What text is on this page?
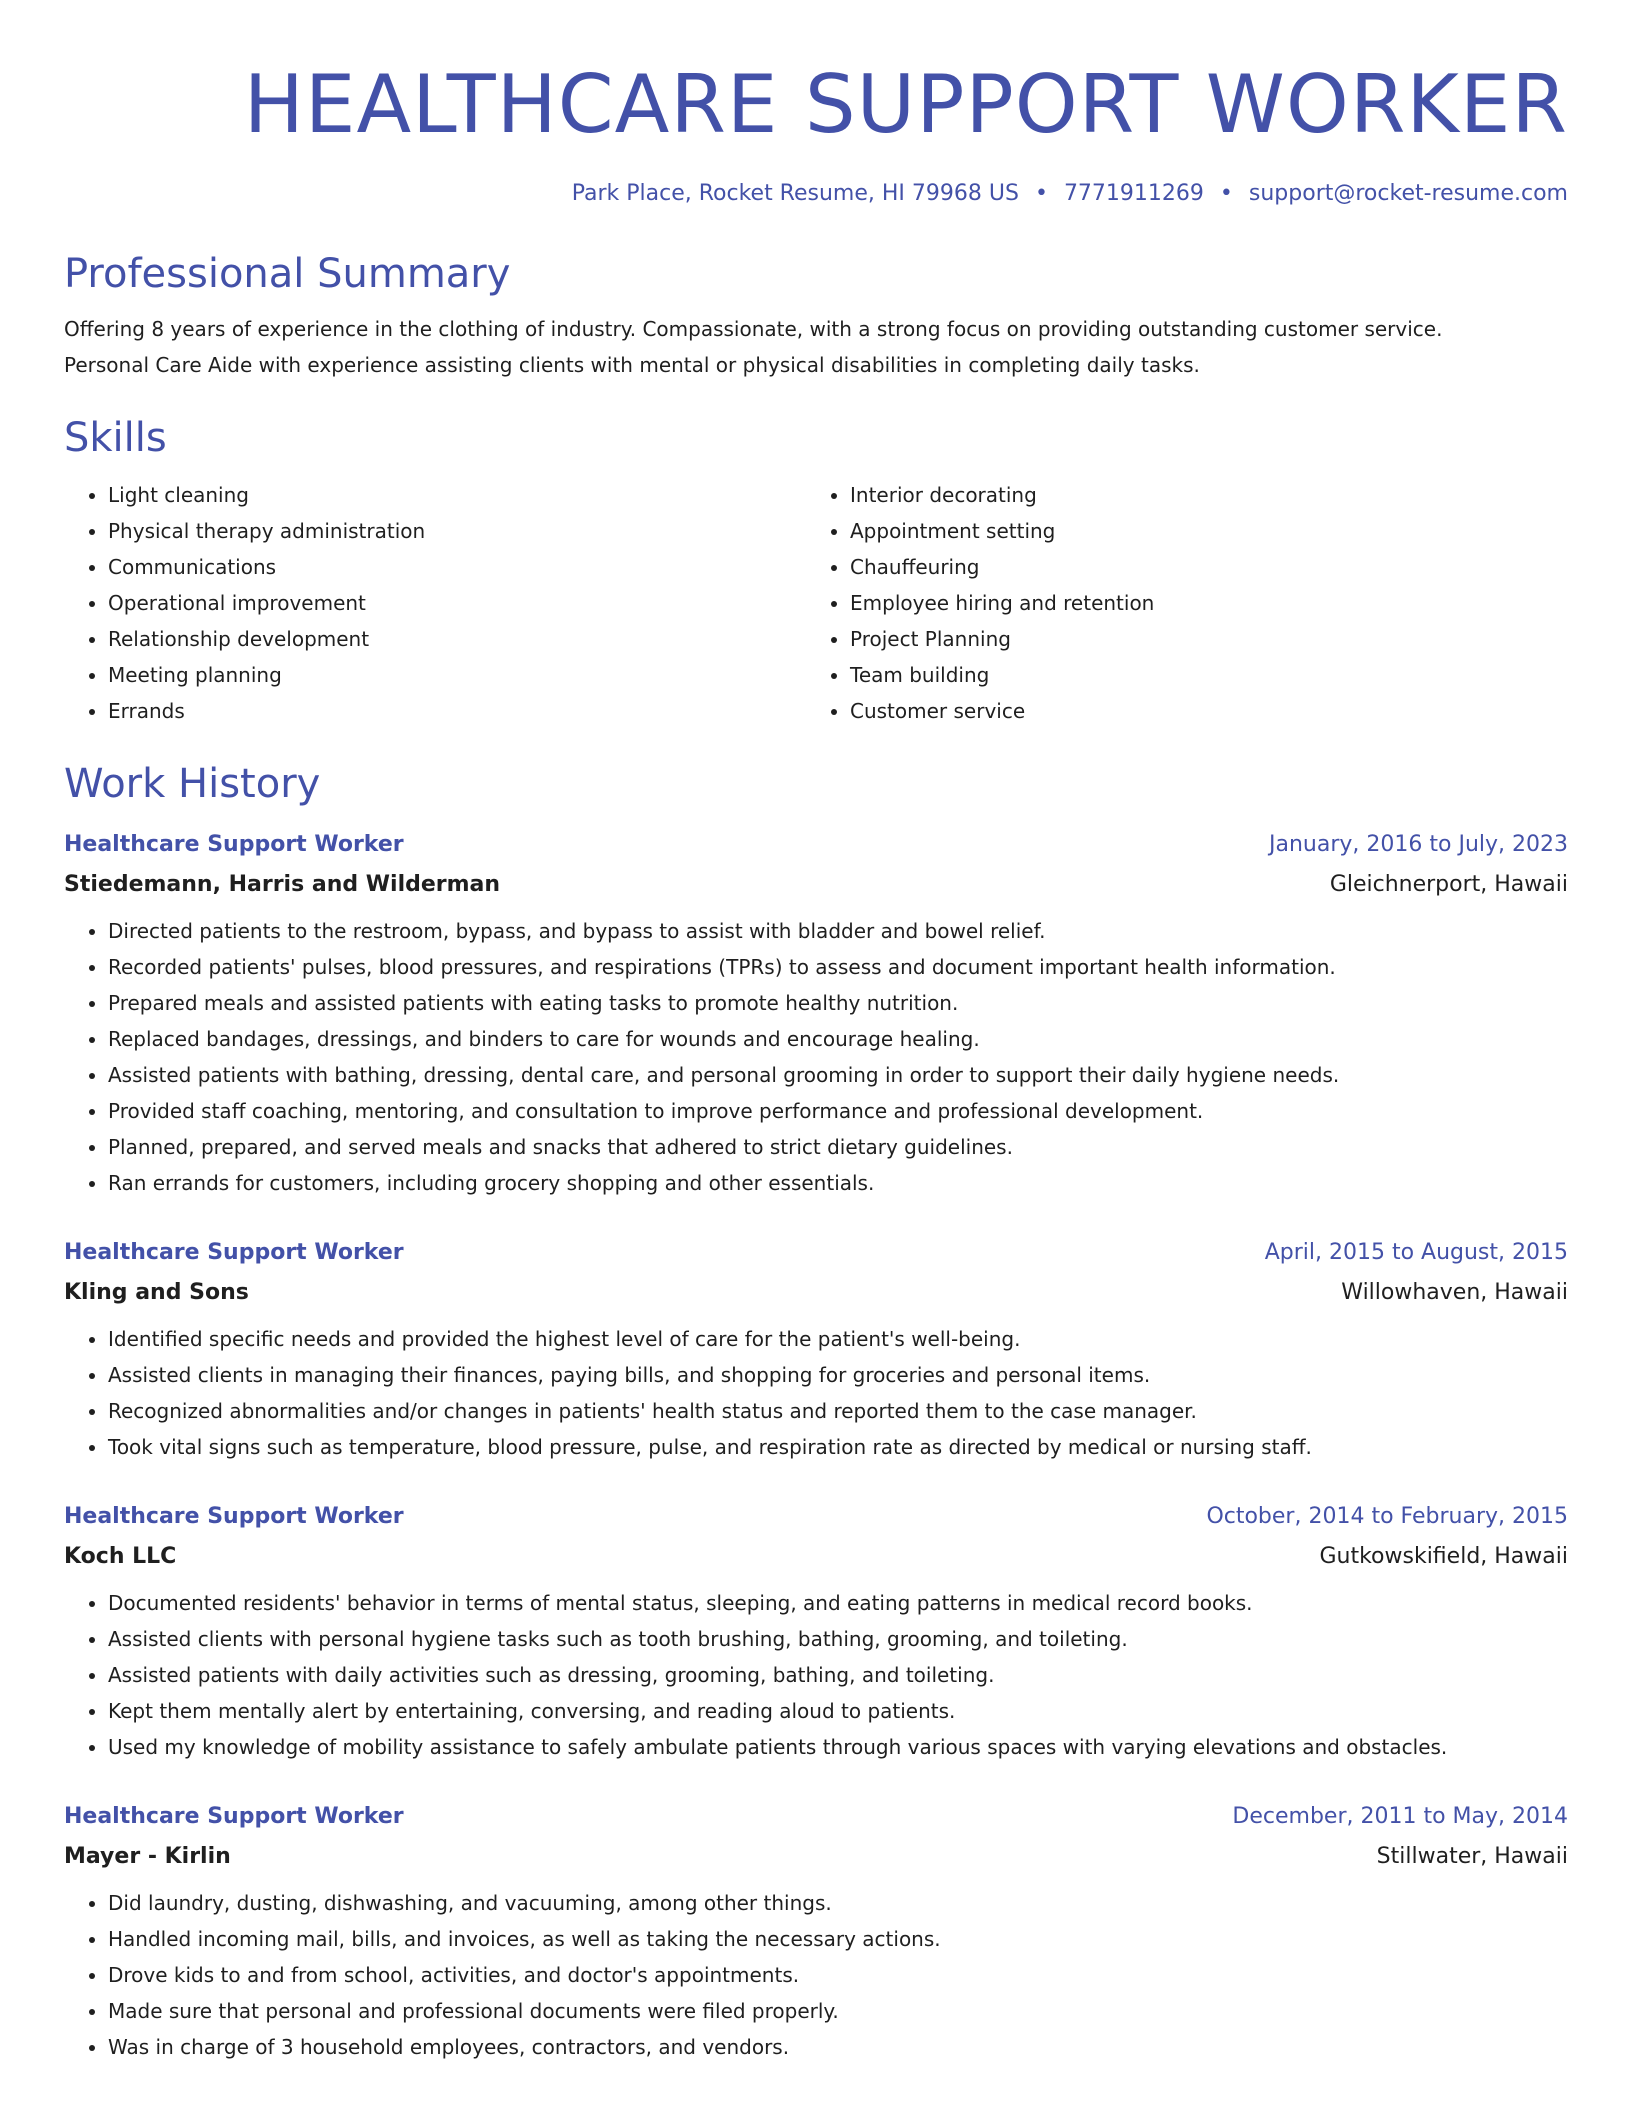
HEALTHCARE SUPPORT WORKER
Park Place, Rocket Resume, HI 79968 US • 7771911269 • support@rocket-resume.com
Professional Summary

Offering 8 years of experience in the clothing of industry. Compassionate, with a strong focus on providing outstanding customer service.

Personal Care Aide with experience assisting clients with mental or physical disabilities in completing daily tasks.

Skills
• Light cleaning
• Physical therapy administration
• Communications
• Operational improvement
• Relationship development
• Meeting planning
• Errands
• Interior decorating
• Appointment setting
• Chauffeuring
• Employee hiring and retention
• Project Planning
• Team building
• Customer service
Work History
Healthcare Support Worker	January, 2016 to July, 2023
Stiedemann, Harris and Wilderman	Gleichnerport, Hawaii
• Directed patients to the restroom, bypass, and bypass to assist with bladder and bowel relief.
• Recorded patients' pulses, blood pressures, and respirations (TPRs) to assess and document important health information.
• Prepared meals and assisted patients with eating tasks to promote healthy nutrition.
• Replaced bandages, dressings, and binders to care for wounds and encourage healing.
• Assisted patients with bathing, dressing, dental care, and personal grooming in order to support their daily hygiene needs.
• Provided staff coaching, mentoring, and consultation to improve performance and professional development.
• Planned, prepared, and served meals and snacks that adhered to strict dietary guidelines.
• Ran errands for customers, including grocery shopping and other essentials.
Healthcare Support Worker	April, 2015 to August, 2015
Kling and Sons	Willowhaven, Hawaii
• Identified specific needs and provided the highest level of care for the patient's well-being.
• Assisted clients in managing their finances, paying bills, and shopping for groceries and personal items.
• Recognized abnormalities and/or changes in patients' health status and reported them to the case manager.
• Took vital signs such as temperature, blood pressure, pulse, and respiration rate as directed by medical or nursing staff.
Healthcare Support Worker	October, 2014 to February, 2015
Koch LLC	Gutkowskifield, Hawaii
• Documented residents' behavior in terms of mental status, sleeping, and eating patterns in medical record books.
• Assisted clients with personal hygiene tasks such as tooth brushing, bathing, grooming, and toileting.
• Assisted patients with daily activities such as dressing, grooming, bathing, and toileting.
• Kept them mentally alert by entertaining, conversing, and reading aloud to patients.
• Used my knowledge of mobility assistance to safely ambulate patients through various spaces with varying elevations and obstacles.
Healthcare Support Worker	December, 2011 to May, 2014
Mayer - Kirlin	Stillwater, Hawaii
• Did laundry, dusting, dishwashing, and vacuuming, among other things.
• Handled incoming mail, bills, and invoices, as well as taking the necessary actions.
• Drove kids to and from school, activities, and doctor's appointments.
• Made sure that personal and professional documents were filed properly.
• Was in charge of 3 household employees, contractors, and vendors.
